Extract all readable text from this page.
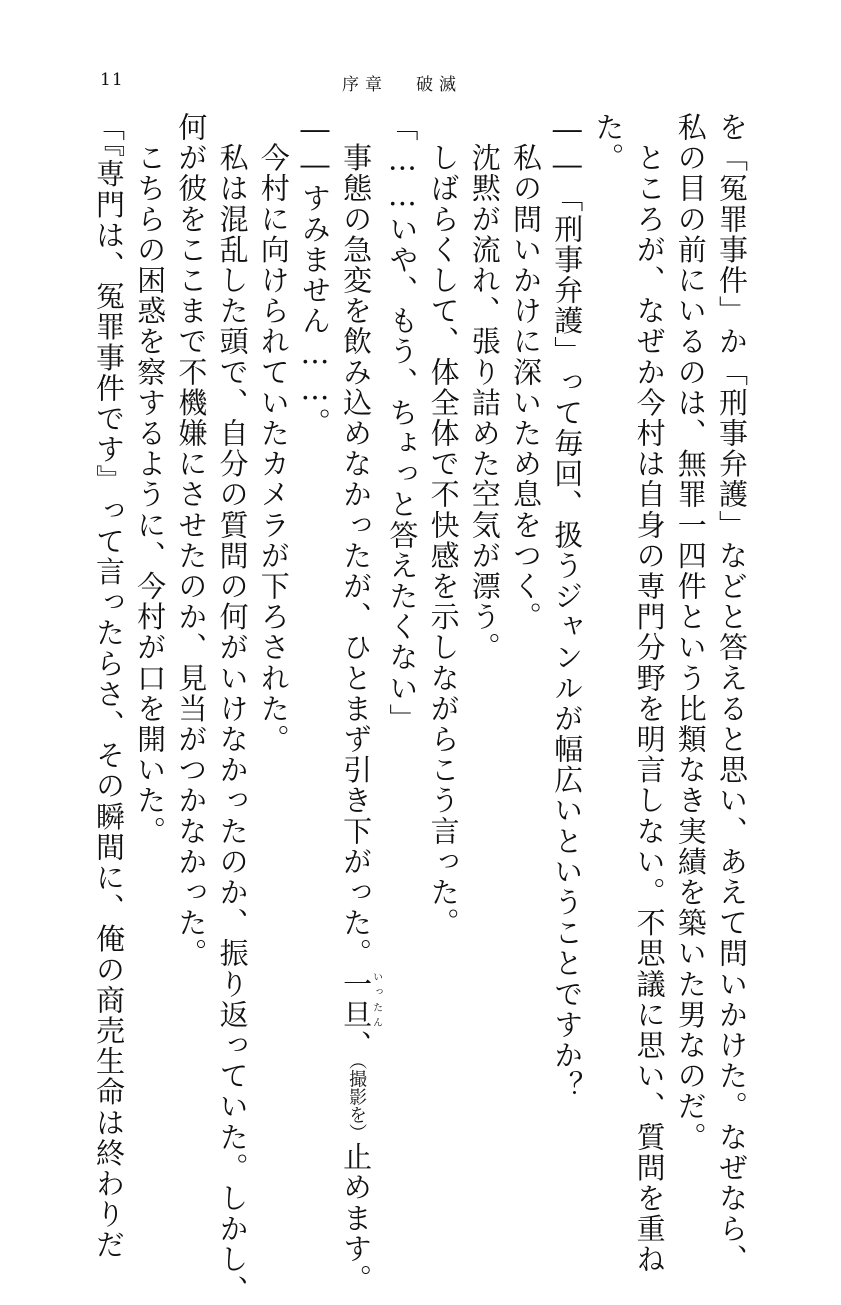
11	序章 破滅
を「冤罪事件」か「刑事弁護」などと答えると思い、あえて問いかけた。なぜなら、
私の目の前にいるのは、無罪一四件という比類なき実績を築いた男なのだ。
　ところが、なぜか今村は自身の専門分野を明言しない。不思議に思い、質問を重ね
た。
――「刑事弁護」って毎回、扱うジャンルが幅広いということですか？
　私の問いかけに深いため息をつく。
　沈黙が流れ、張り詰めた空気が漂う。
　しばらくして、体全体で不快感を示しながらこう言った。
「……いや、もう、ちょっと答えたくない」
　事態の急変を飲み込めなかったが、ひとまず引き下がった。一旦いったん、（撮影を）止めます。
――すみません……。
　今村に向けられていたカメラが下ろされた。
　私は混乱した頭で、自分の質問の何がいけなかったのか、振り返っていた。しかし、
何が彼をここまで不機嫌にさせたのか、見当がつかなかった。
　こちらの困惑を察するように、今村が口を開いた。
「『専門は、冤罪事件です』って言ったらさ、その瞬間に、俺の商売生命は終わりだ
